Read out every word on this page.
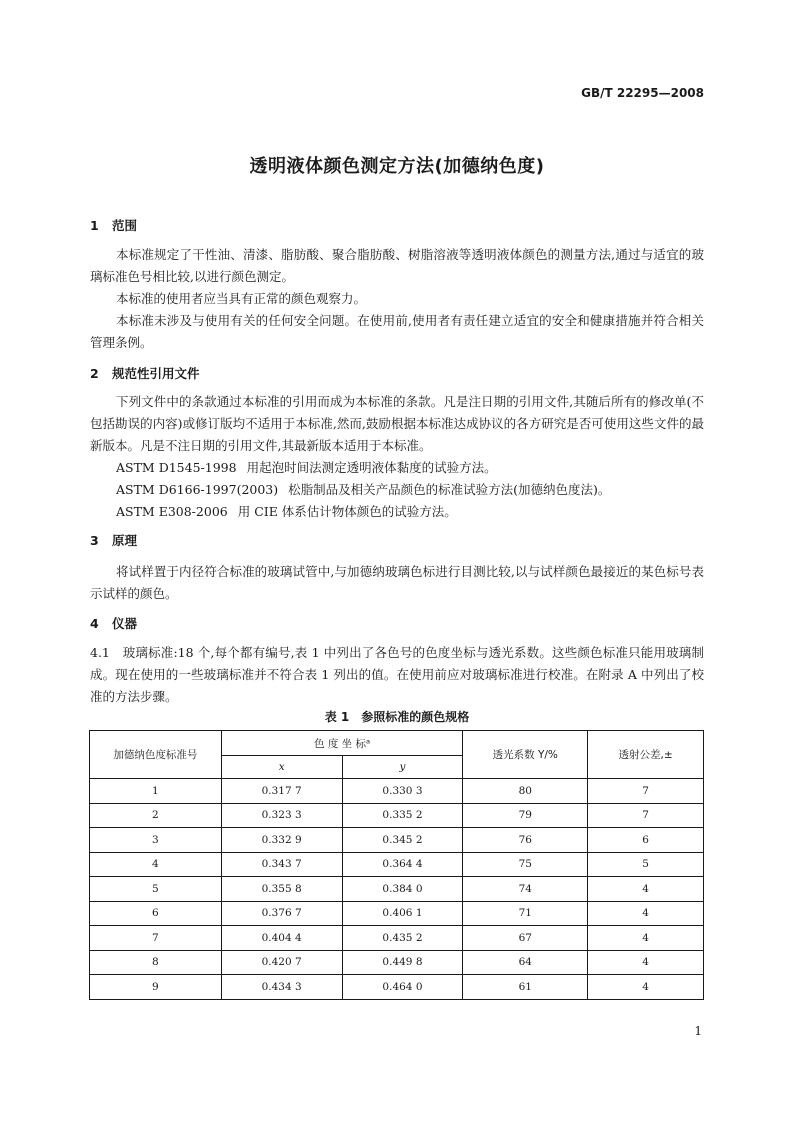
GB/T 22295—2008
透明液体颜色测定方法(加德纳色度)
1 范围

本标准规定了干性油、清漆、脂肪酸、聚合脂肪酸、树脂溶液等透明液体颜色的测量方法,通过与适宜的玻璃标准色号相比较,以进行颜色测定。

本标准的使用者应当具有正常的颜色观察力。

本标准未涉及与使用有关的任何安全问题。在使用前,使用者有责任建立适宜的安全和健康措施并符合相关管理条例。

2 规范性引用文件

下列文件中的条款通过本标准的引用而成为本标准的条款。凡是注日期的引用文件,其随后所有的修改单(不包括勘误的内容)或修订版均不适用于本标准,然而,鼓励根据本标准达成协议的各方研究是否可使用这些文件的最新版本。凡是不注日期的引用文件,其最新版本适用于本标准。

ASTM D1545-1998 用起泡时间法测定透明液体黏度的试验方法。

ASTM D6166-1997(2003) 松脂制品及相关产品颜色的标准试验方法(加德纳色度法)。

ASTM E308-2006 用 CIE 体系估计物体颜色的试验方法。

3 原理

将试样置于内径符合标准的玻璃试管中,与加德纳玻璃色标进行目测比较,以与试样颜色最接近的某色标号表示试样的颜色。

4 仪器

4.1　玻璃标准:18 个,每个都有编号,表 1 中列出了各色号的色度坐标与透光系数。这些颜色标准只能用玻璃制成。现在使用的一些玻璃标准并不符合表 1 列出的值。在使用前应对玻璃标准进行校准。在附录 A 中列出了校准的方法步骤。

表 1　参照标准的颜色规格
加德纳色度标准号	色 度 坐 标ᵃ		透光系数 Y/%	透射公差,±
	x	y		
1	0.317 7	0.330 3	80	7
2	0.323 3	0.335 2	79	7
3	0.332 9	0.345 2	76	6
4	0.343 7	0.364 4	75	5
5	0.355 8	0.384 0	74	4
6	0.376 7	0.406 1	71	4
7	0.404 4	0.435 2	67	4
8	0.420 7	0.449 8	64	4
9	0.434 3	0.464 0	61	4
1
